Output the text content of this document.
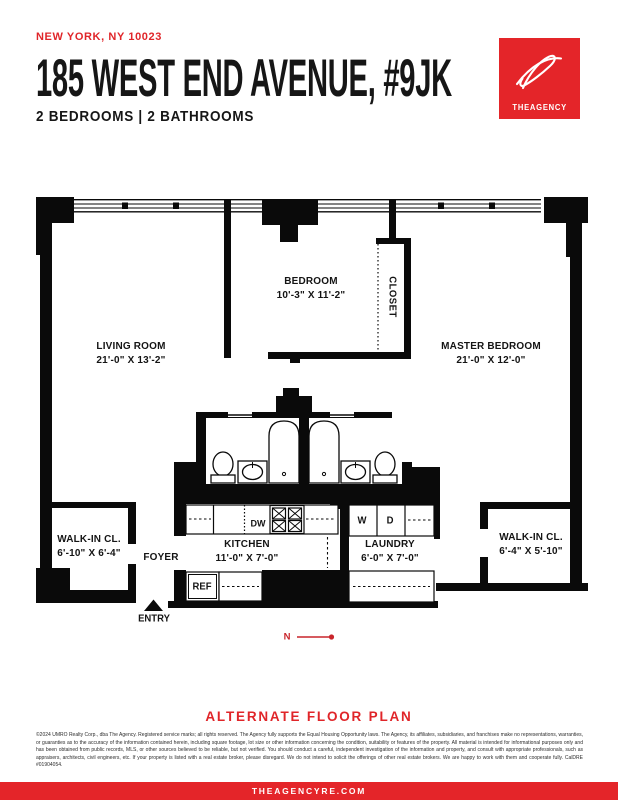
NEW YORK, NY 10023
185 WEST END AVENUE, #9JK
2 BEDROOMS | 2 BATHROOMS
THEAGENCY
LIVING ROOM
21'-0" X 13'-2"
BEDROOM
10'-3" X 11'-2"	CLOSET
MASTER BEDROOM
21'-0" X 12'-0"
WALK-IN CL.
6'-10" X 6'-4" FOYER
KITCHEN
11'-0" X 7'-0"
LAUNDRY
6'-0" X 7'-0"
WALK-IN CL.
6'-4" X 5'-10"
DW
REF
W D
ENTRY
N
ALTERNATE FLOOR PLAN
©2024 UMRO Realty Corp., dba The Agency. Registered service marks; all rights reserved. The Agency fully supports the Equal Housing Opportunity laws. The Agency, its affiliates, subsidiaries, and franchises make no representations, warranties, or guaranties as to the accuracy of the information contained herein, including square footage, lot size or other information concerning the condition, suitability or features of the property. All material is intended for informational purposes only and has been obtained from public records, MLS, or other sources believed to be reliable, but not verified. You should conduct a careful, independent investigation of the information and property, and consult with appropriate professionals, such as appraisers, architects, civil engineers, etc. If your property is listed with a real estate broker, please disregard. We do not intend to solicit the offerings of other real estate brokers. We are happy to work with them and cooperate fully. CalDRE #01904054.
THEAGENCYRE.COM
